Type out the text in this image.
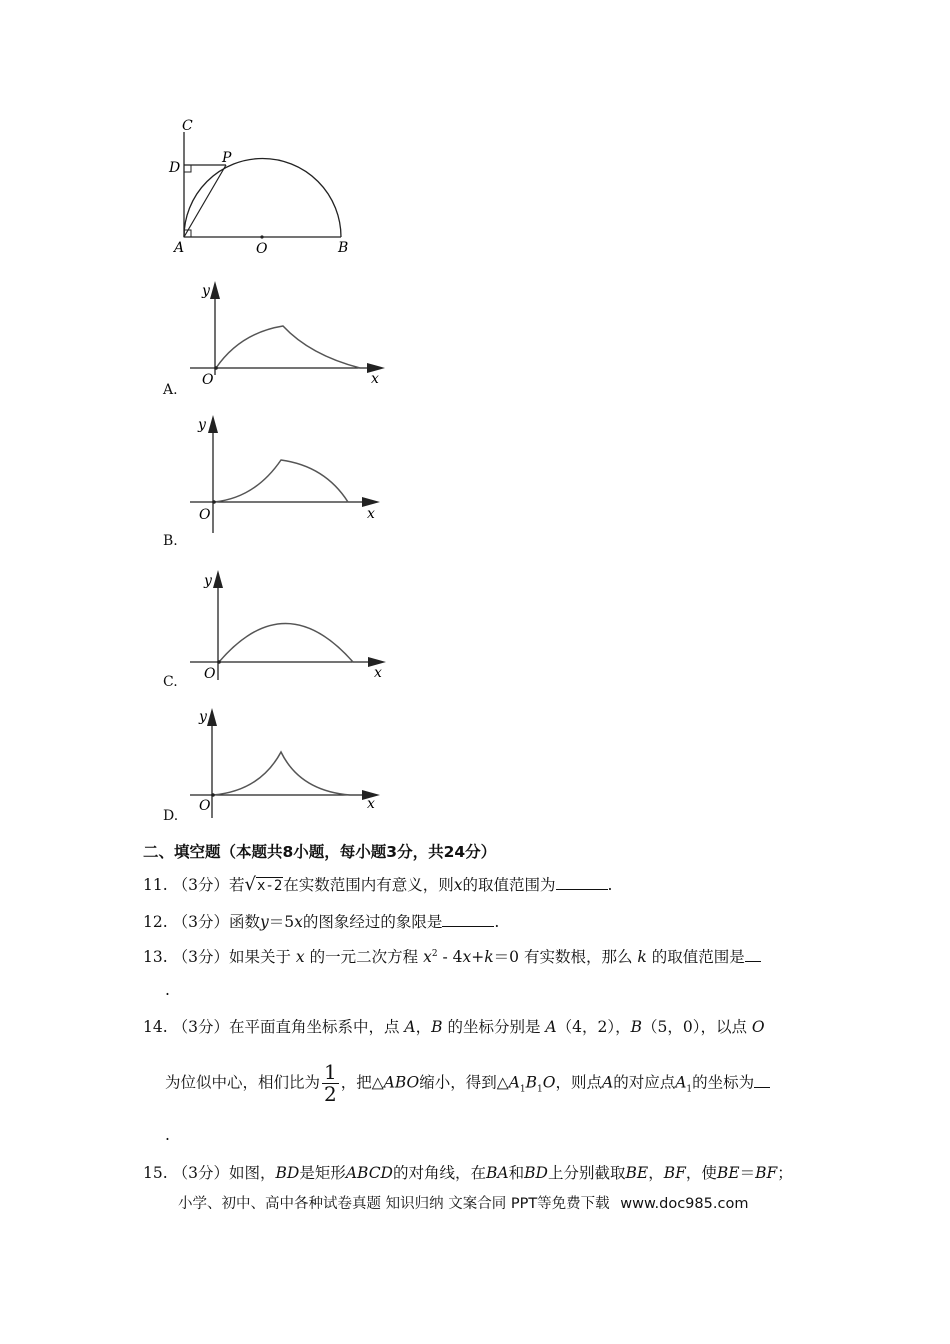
C
D
P
A	O	B
y
x
O
A.
y
x
O
B.
y
x
O
C.
y
x
O
D.
二、填空题（本题共8小题，每小题3分，共24分）
11. （3分）若√x-2在实数范围内有意义，则x的取值范围为	.
12. （3分）函数y＝5x的图象经过的象限是	.
13. （3分）如果关于 x 的一元二次方程 $x^2 - 4x+k=0$ 有实数根，那么 k 的取值范围是
.
14. （3分）在平面直角坐标系中，点 A，B 的坐标分别是 A（4，2），B（5，0），以点 O
为位似中心，相们比为 $\frac{1}{2}$ ，把△ABO缩小，得到$\triangle A_1B_1O$，则点A的对应点$A_1$的坐标为
.
15. （3分）如图，BD是矩形ABCD的对角线，在BA和BD上分别截取BE，BF，使BE＝BF；
小学、初中、高中各种试卷真题 知识归纳 文案合同 PPT等免费下载 www.doc985.com
